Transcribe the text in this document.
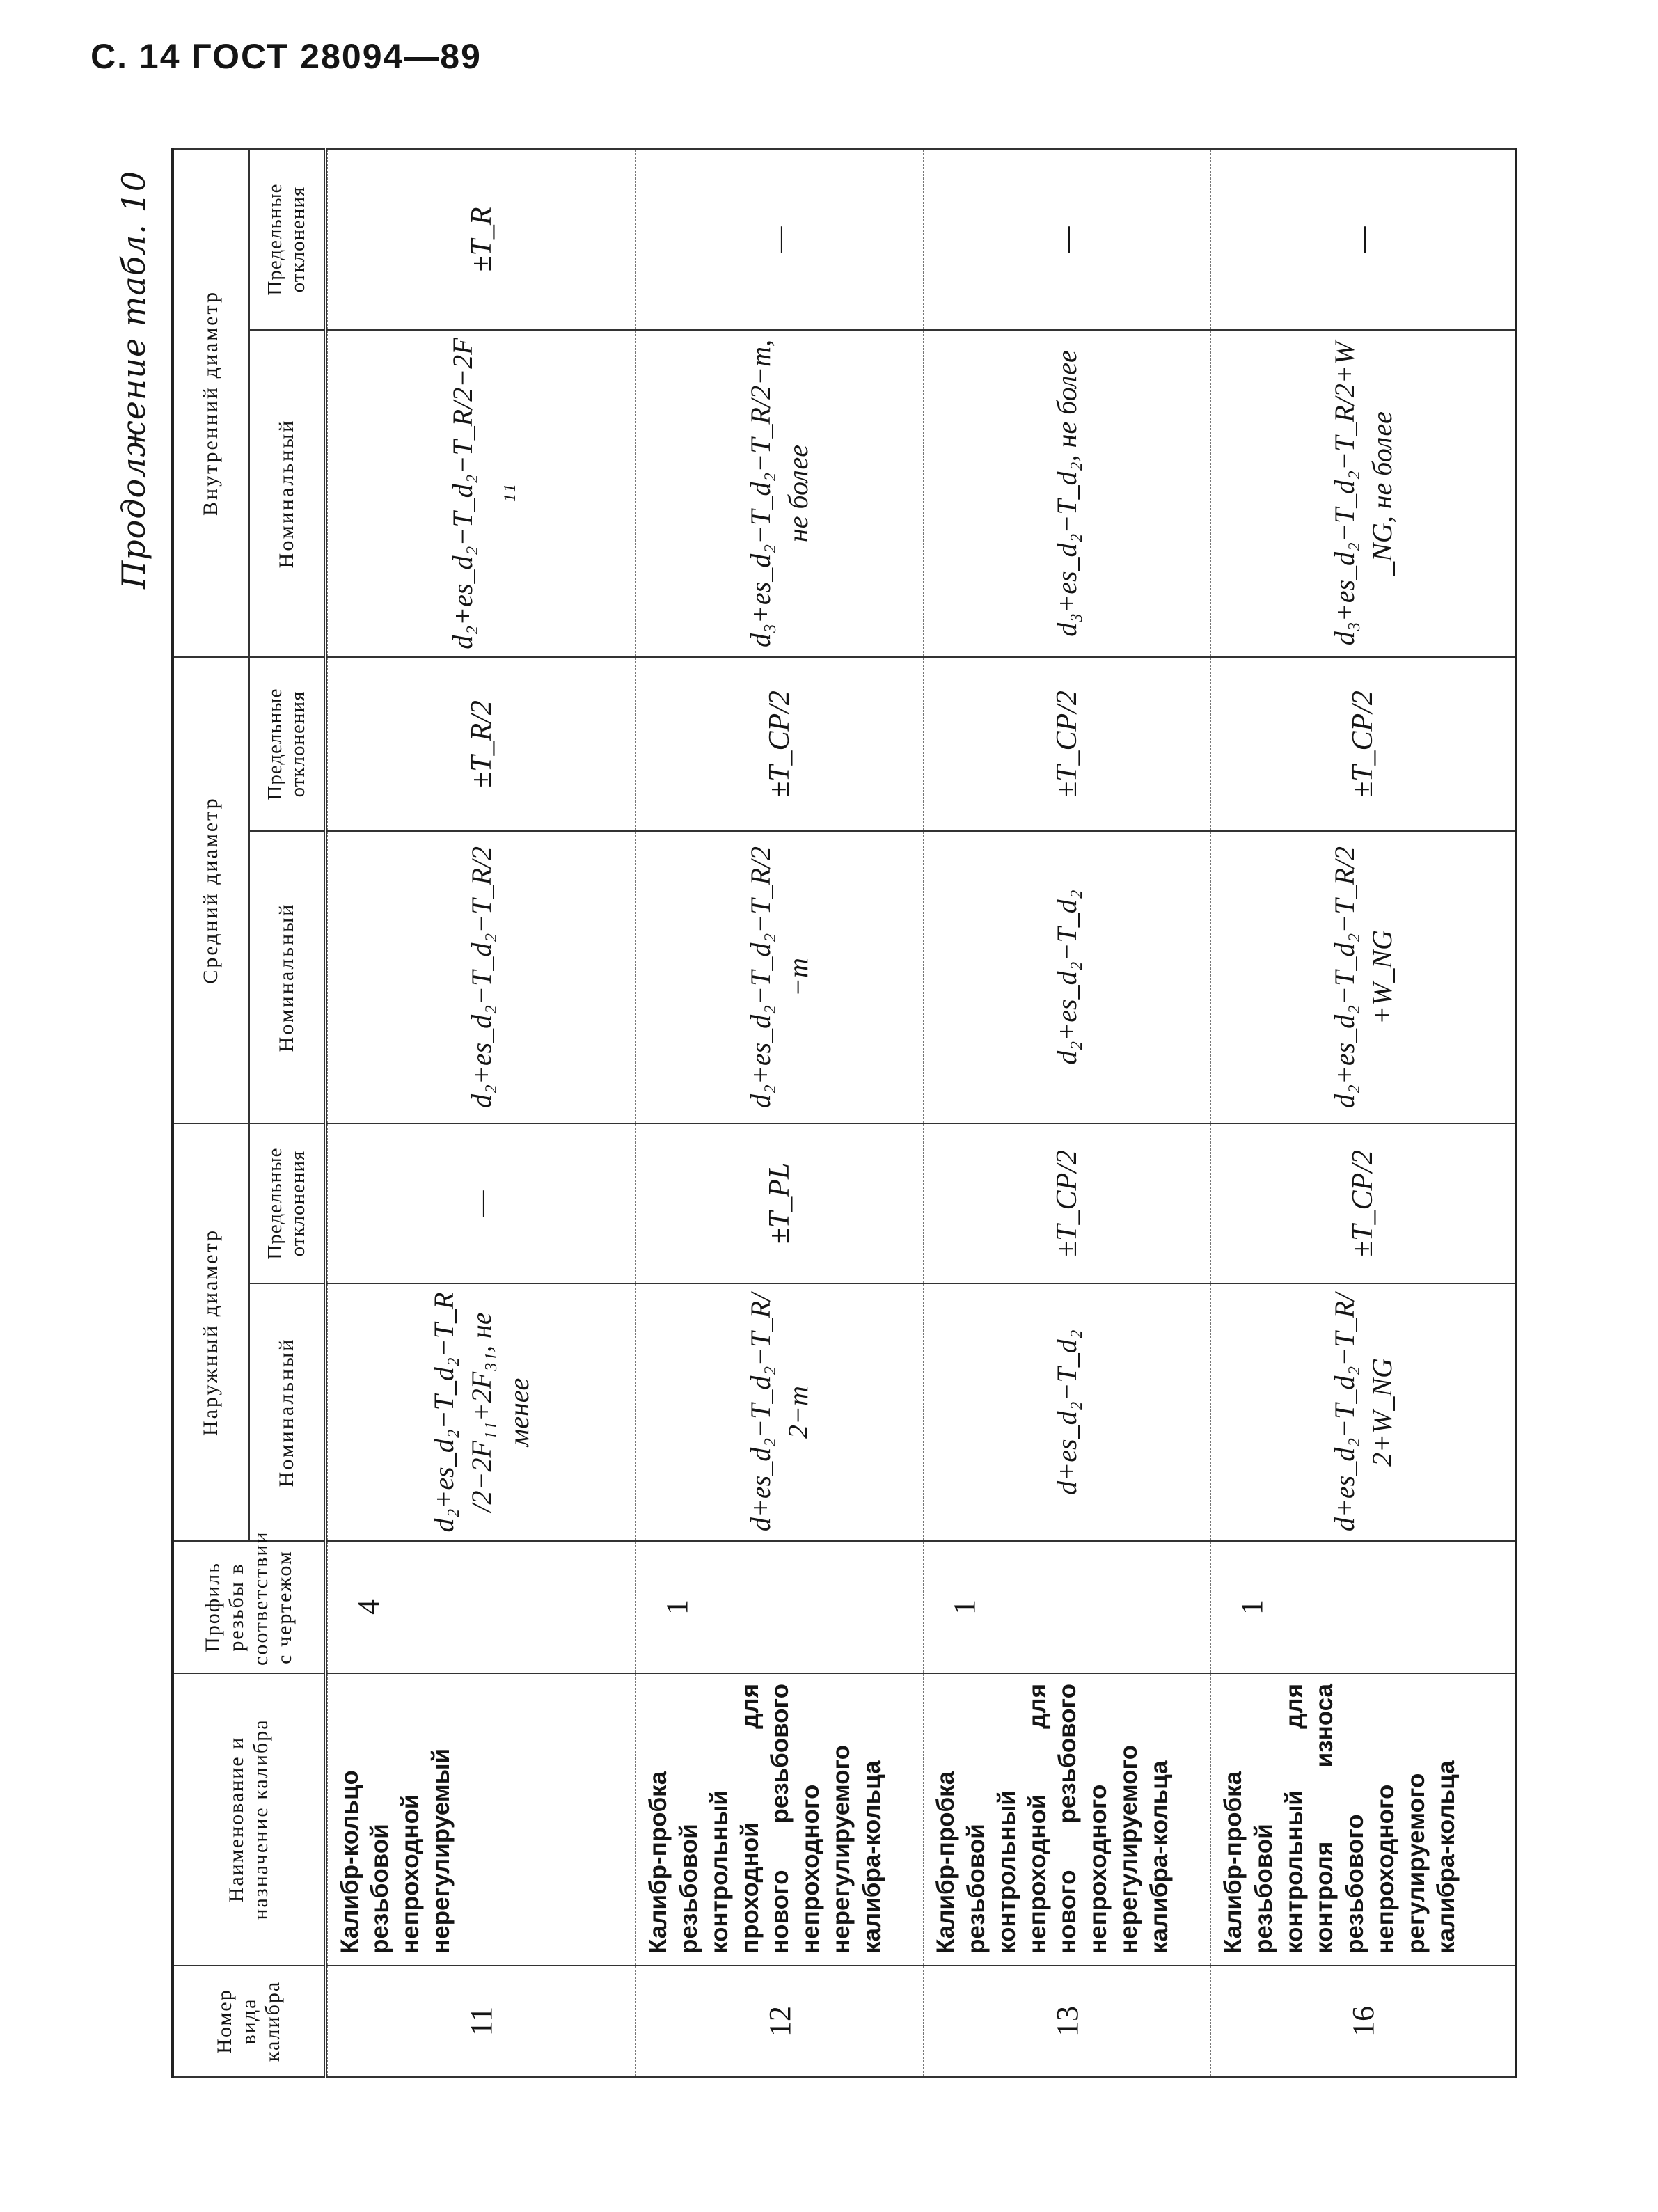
С. 14 ГОСТ 28094—89
Продолжение табл. 10
Номер вида калибра	Наименование и назначение калибра	Профиль резьбы в соответствии с чертежом	Наружный диаметр		Средний диаметр		Внутренний диаметр	
			Номинальный	Предельные отклонения	Номинальный	Предельные отклонения	Номинальный	Предельные отклонения

11	Калибр-кольцо резьбовой непроходной нерегулируемый	4	d₂+es_d₂−T_d₂−T_R/2−2F₁₁+2F₃₁, не менее	—	d₂+es_d₂−T_d₂−T_R/2	±T_R/2	d₂+es_d₂−T_d₂−T_R/2−2F₁₁	±T_R
12	Калибр-пробка резьбовой контрольный проходной для нового резьбового непроходного нерегулируемого калибра-кольца	1	d+es_d₂−T_d₂−T_R/2−m	±T_PL	d₂+es_d₂−T_d₂−T_R/2−m	±T_CP/2	d₃+es_d₂−T_d₂−T_R/2−m, не более	—
13	Калибр-пробка резьбовой контрольный непроходной для нового резьбового непроходного нерегулируемого калибра-кольца	1	d+es_d₂−T_d₂	±T_CP/2	d₂+es_d₂−T_d₂	±T_CP/2	d₃+es_d₂−T_d₂, не более	—
16	Калибр-пробка резьбовой контрольный для контроля износа резьбового непроходного регулируемого калибра-кольца	1	d+es_d₂−T_d₂−T_R/2+W_NG	±T_CP/2	d₂+es_d₂−T_d₂−T_R/2+W_NG	±T_CP/2	d₃+es_d₂−T_d₂−T_R/2+W_NG, не более	—
